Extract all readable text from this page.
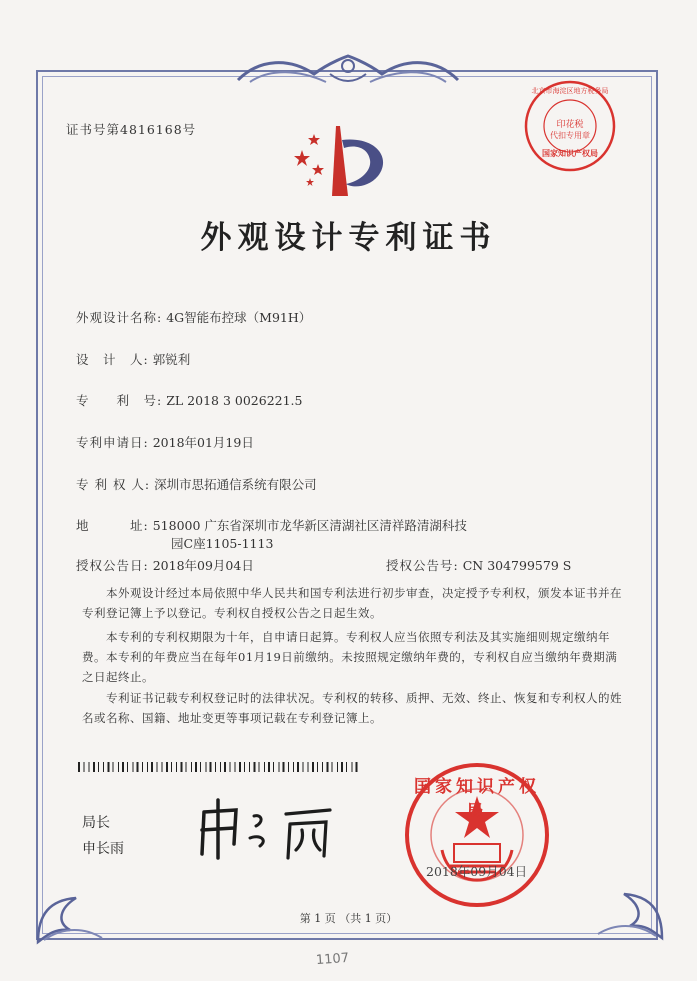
证书号第4816168号
外观设计专利证书
印花税
代扣专用章
国家知识产权局
北京市海淀区地方税务局
外观设计名称: 4G智能布控球（M91H）
设　计　人: 郭锐利
专　　利　号: ZL 2018 3 0026221.5
专利申请日: 2018年01月19日
专 利 权 人: 深圳市思拓通信系统有限公司
地　　　址: 518000 广东省深圳市龙华新区清湖社区清祥路清湖科技
园C座1105-1113
授权公告日: 2018年09月04日	授权公告号: CN 304799579 S
本外观设计经过本局依照中华人民共和国专利法进行初步审查，决定授予专利权，颁发本证书并在专利登记簿上予以登记。专利权自授权公告之日起生效。
本专利的专利权期限为十年，自申请日起算。专利权人应当依照专利法及其实施细则规定缴纳年费。本专利的年费应当在每年01月19日前缴纳。未按照规定缴纳年费的，专利权自应当缴纳年费期满之日起终止。
专利证书记载专利权登记时的法律状况。专利权的转移、质押、无效、终止、恢复和专利权人的姓名或名称、国籍、地址变更等事项记载在专利登记簿上。
局长
申长雨
国家知识产权局
2018年09月04日
第 1 页 （共 1 页）
1107
